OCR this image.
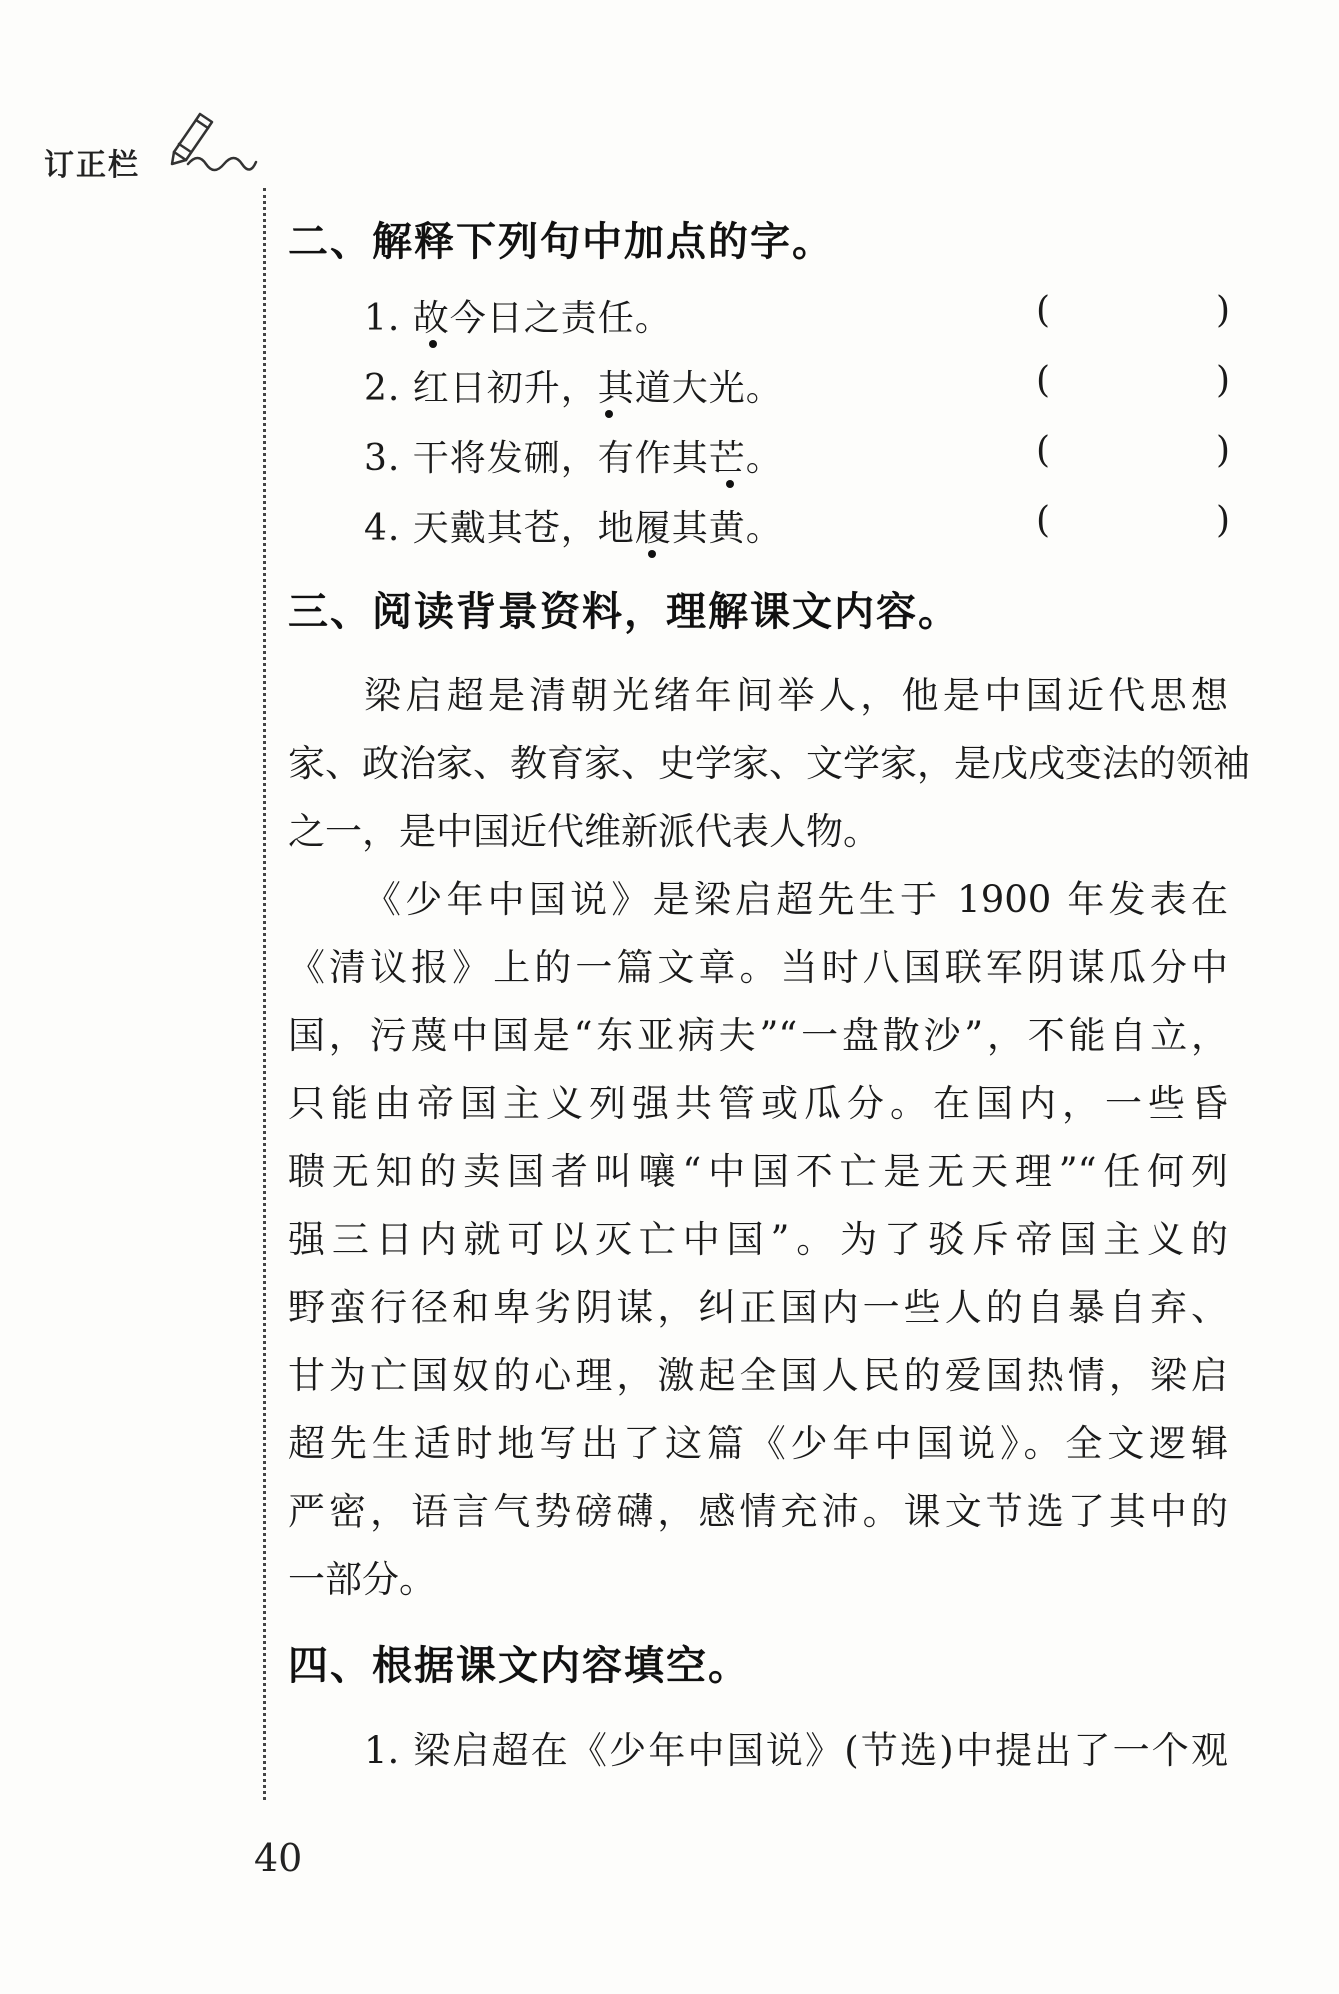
订正栏
二、解释下列句中加点的字。
1. 故今日之责任。	(	)
2. 红日初升，其道大光。	(	)
3. 干将发硎，有作其芒。	(	)
4. 天戴其苍，地履其黄。	(	)
三、阅读背景资料，理解课文内容。
梁启超是清朝光绪年间举人，他是中国近代思想
家、政治家、教育家、史学家、文学家，是戊戌变法的领袖
之一，是中国近代维新派代表人物。
《少年中国说》是梁启超先生于 1900 年发表在
《清议报》上的一篇文章。当时八国联军阴谋瓜分中
国，污蔑中国是“东亚病夫”“一盘散沙”，不能自立，
只能由帝国主义列强共管或瓜分。在国内，一些昏
聩无知的卖国者叫嚷“中国不亡是无天理”“任何列
强三日内就可以灭亡中国”。为了驳斥帝国主义的
野蛮行径和卑劣阴谋，纠正国内一些人的自暴自弃、
甘为亡国奴的心理，激起全国人民的爱国热情，梁启
超先生适时地写出了这篇《少年中国说》。全文逻辑
严密，语言气势磅礴，感情充沛。课文节选了其中的
一部分。
四、根据课文内容填空。
1. 梁启超在《少年中国说》(节选)中提出了一个观
40
